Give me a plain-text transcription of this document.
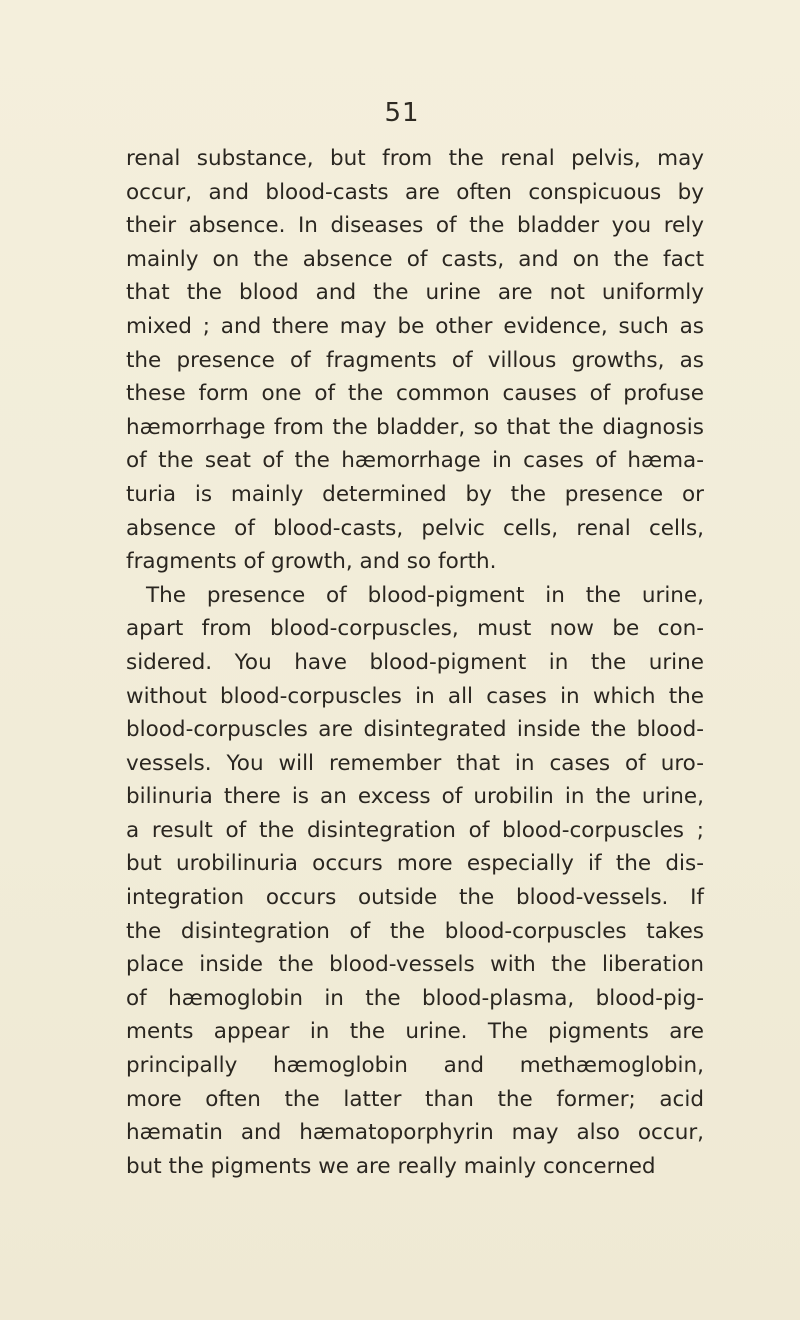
51
renal substance, but from the renal pelvis, may
occur, and blood-casts are often conspicuous by
their absence. In diseases of the bladder you rely
mainly on the absence of casts, and on the fact
that the blood and the urine are not uniformly
mixed ; and there may be other evidence, such as
the presence of fragments of villous growths, as
these form one of the common causes of profuse
hæmorrhage from the bladder, so that the diagnosis
of the seat of the hæmorrhage in cases of hæma-
turia is mainly determined by the presence or
absence of blood-casts, pelvic cells, renal cells,
fragments of growth, and so forth.
The presence of blood-pigment in the urine,
apart from blood-corpuscles, must now be con-
sidered. You have blood-pigment in the urine
without blood-corpuscles in all cases in which the
blood-corpuscles are disintegrated inside the blood-
vessels. You will remember that in cases of uro-
bilinuria there is an excess of urobilin in the urine,
a result of the disintegration of blood-corpuscles ;
but urobilinuria occurs more especially if the dis-
integration occurs outside the blood-vessels. If
the disintegration of the blood-corpuscles takes
place inside the blood-vessels with the liberation
of hæmoglobin in the blood-plasma, blood-pig-
ments appear in the urine. The pigments are
principally hæmoglobin and methæmoglobin,
more often the latter than the former; acid
hæmatin and hæmatoporphyrin may also occur,
but the pigments we are really mainly concerned
